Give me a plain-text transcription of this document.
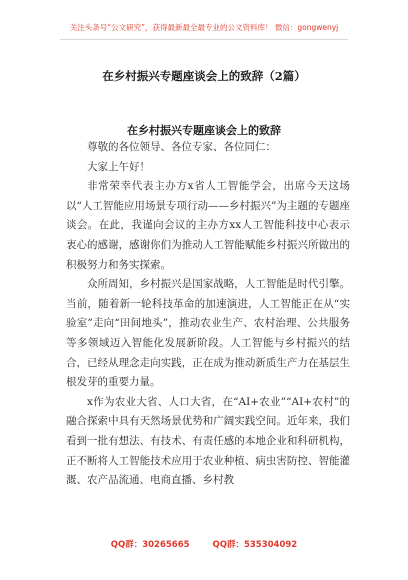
关注头条号“公文研究”，获得最新最全最专业的公文资料库！ 微信：gongwenyj
在乡村振兴专题座谈会上的致辞（2篇）
在乡村振兴专题座谈会上的致辞

尊敬的各位领导、各位专家、各位同仁：

大家上午好！

非常荣幸代表主办方x省人工智能学会，出席今天这场以“人工智能应用场景专项行动——乡村振兴”为主题的专题座谈会。在此，我谨向会议的主办方xx人工智能科技中心表示衷心的感谢，感谢你们为推动人工智能赋能乡村振兴所做出的积极努力和务实探索。

众所周知，乡村振兴是国家战略，人工智能是时代引擎。当前，随着新一轮科技革命的加速演进，人工智能正在从“实验室”走向“田间地头”，推动农业生产、农村治理、公共服务等多领域迈入智能化发展新阶段。人工智能与乡村振兴的结合，已经从理念走向实践，正在成为推动新质生产力在基层生根发芽的重要力量。

x作为农业大省、人口大省，在“AI+农业”“AI+农村”的融合探索中具有天然场景优势和广阔实践空间。近年来，我们看到一批有想法、有技术、有责任感的本地企业和科研机构，正不断将人工智能技术应用于农业种植、病虫害防控、智能灌溉、农产品流通、电商直播、乡村教

QQ群：30265665	QQ群：535304092
